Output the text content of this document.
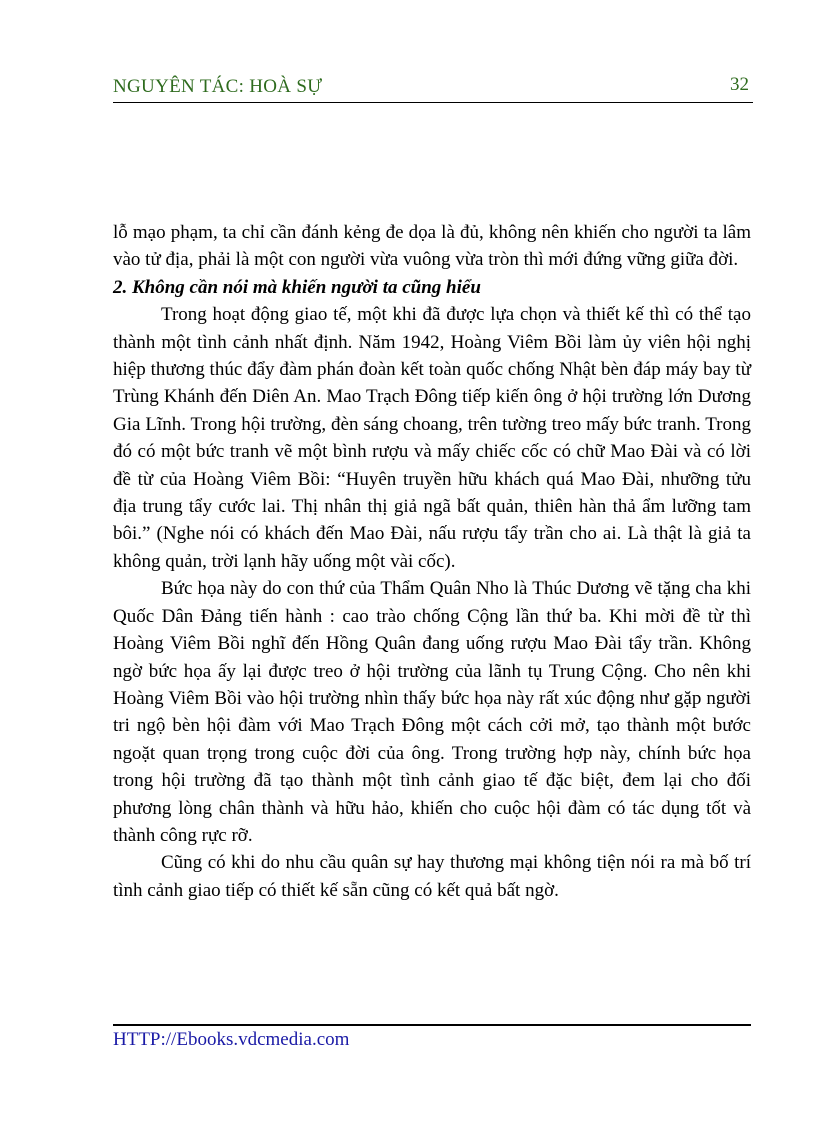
NGUYÊN TÁC: HOÀ SỰ	32

lỗ mạo phạm, ta chỉ cần đánh kẻng đe dọa là đủ, không nên khiến cho người ta lâm vào tử địa, phải là một con người vừa vuông vừa tròn thì mới đứng vững giữa đời.

2. Không cần nói mà khiến người ta cũng hiểu

Trong hoạt động giao tế, một khi đã được lựa chọn và thiết kế thì có thể tạo thành một tình cảnh nhất định. Năm 1942, Hoàng Viêm Bồi làm ủy viên hội nghị hiệp thương thúc đẩy đàm phán đoàn kết toàn quốc chống Nhật bèn đáp máy bay từ Trùng Khánh đến Diên An. Mao Trạch Đông tiếp kiến ông ở hội trường lớn Dương Gia Lĩnh. Trong hội trường, đèn sáng choang, trên tường treo mấy bức tranh. Trong đó có một bức tranh vẽ một bình rượu và mấy chiếc cốc có chữ Mao Đài và có lời đề từ của Hoàng Viêm Bồi: “Huyên truyền hữu khách quá Mao Đài, nhưỡng tửu địa trung tẩy cước lai. Thị nhân thị giả ngã bất quản, thiên hàn thả ẩm lưỡng tam bôi.” (Nghe nói có khách đến Mao Đài, nấu rượu tẩy trần cho ai. Là thật là giả ta không quản, trời lạnh hãy uống một vài cốc).

Bức họa này do con thứ của Thẩm Quân Nho là Thúc Dương vẽ tặng cha khi Quốc Dân Đảng tiến hành : cao trào chống Cộng lần thứ ba. Khi mời đề từ thì Hoàng Viêm Bồi nghĩ đến Hồng Quân đang uống rượu Mao Đài tẩy trần. Không ngờ bức họa ấy lại được treo ở hội trường của lãnh tụ Trung Cộng. Cho nên khi Hoàng Viêm Bồi vào hội trường nhìn thấy bức họa này rất xúc động như gặp người tri ngộ bèn hội đàm với Mao Trạch Đông một cách cởi mở, tạo thành một bước ngoặt quan trọng trong cuộc đời của ông. Trong trường hợp này, chính bức họa trong hội trường đã tạo thành một tình cảnh giao tế đặc biệt, đem lại cho đối phương lòng chân thành và hữu hảo, khiến cho cuộc hội đàm có tác dụng tốt và thành công rực rỡ.

Cũng có khi do nhu cầu quân sự hay thương mại không tiện nói ra mà bố trí tình cảnh giao tiếp có thiết kế sẵn cũng có kết quả bất ngờ.

HTTP://Ebooks.vdcmedia.com
